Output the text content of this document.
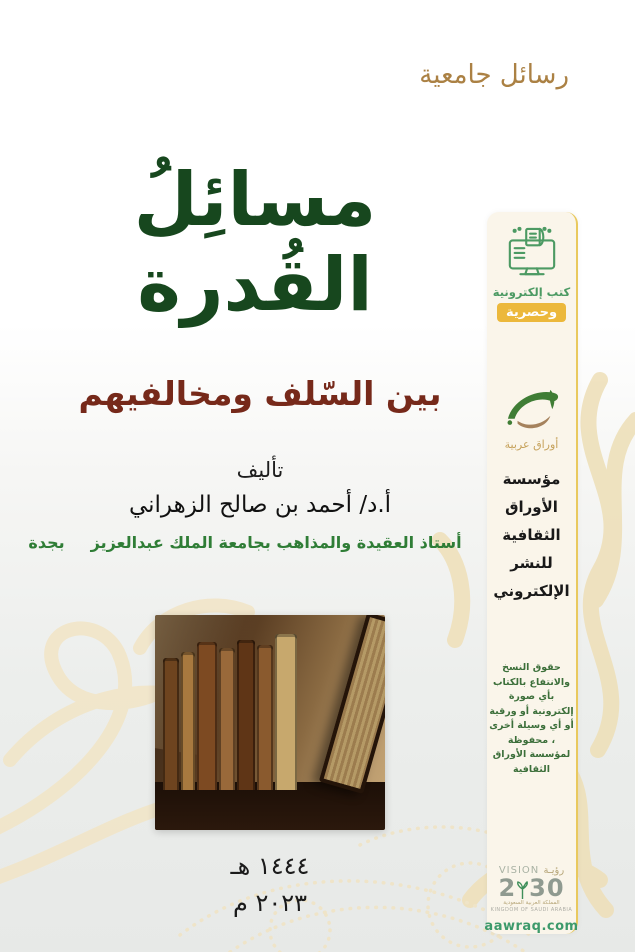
رسائل جامعية
مسائِلُ القُدرة
بين السّلف ومخالفيهم
تأليف
أ.د/ أحمد بن صالح الزهراني
أستاذ العقيدة والمذاهب بجامعة الملك عبدالعزيزبجدة
كتب إلكترونية
وحصرية
أوراق عربية
مؤسسة
الأوراق
الثقافية
للنشر
الإلكتروني
حقوق النسخ والانتفاع بالكتاب
بأي صورة إلكترونية أو ورقية
أو أي وسيلة أخرى ، محفوظة
لمؤسسة الأوراق الثقافية
VISION رؤيـة
2 30
المملكة العربية السعودية
KINGDOM OF SAUDI ARABIA
aawraq.com
١٤٤٤ هـ
٢٠٢٣ م
